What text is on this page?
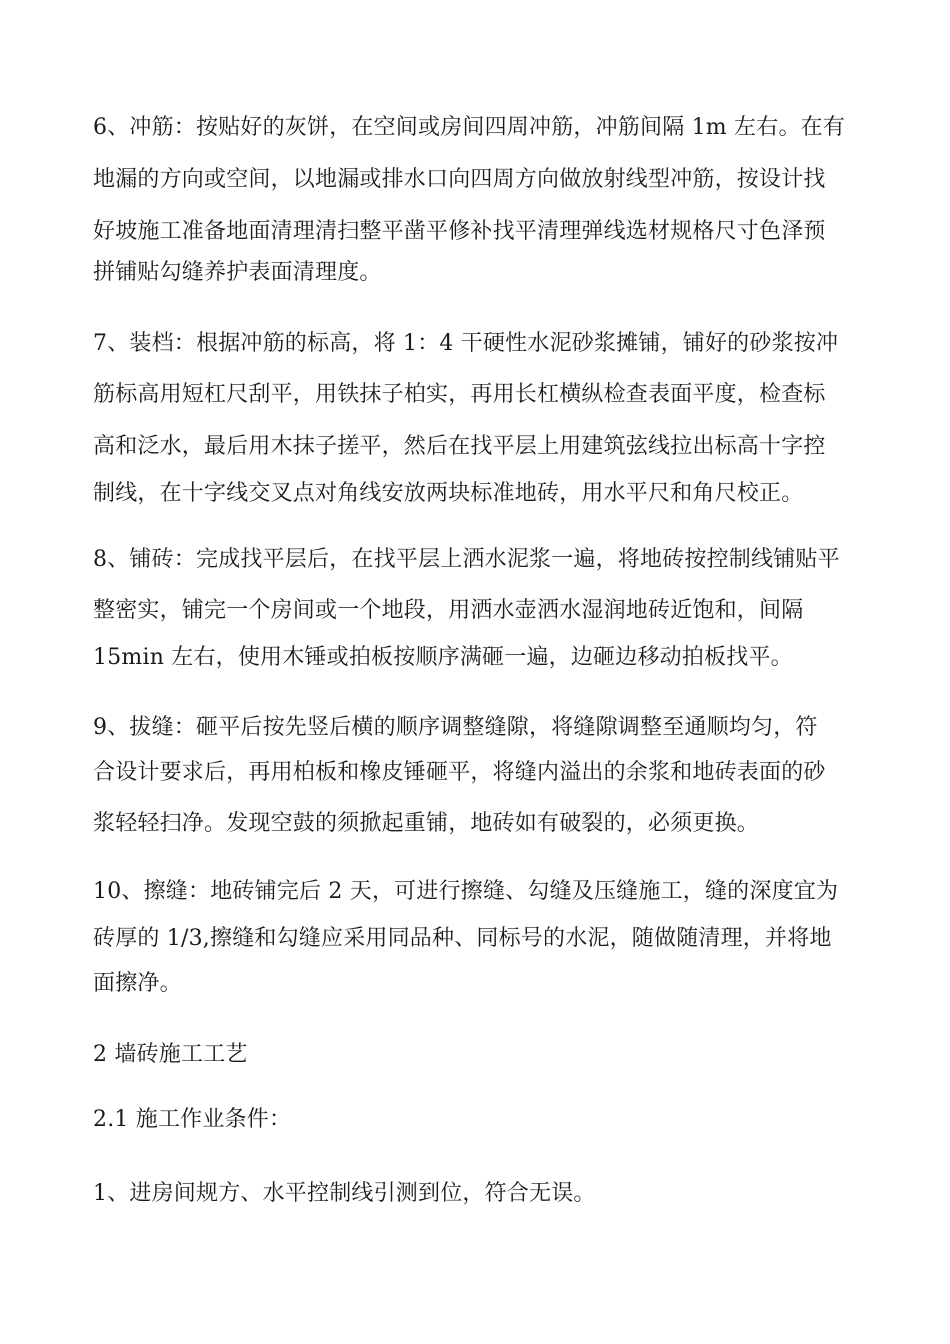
6、冲筋：按贴好的灰饼，在空间或房间四周冲筋，冲筋间隔 1m 左右。在有
地漏的方向或空间，以地漏或排水口向四周方向做放射线型冲筋，按设计找
好坡施工准备地面清理清扫整平凿平修补找平清理弹线选材规格尺寸色泽预
拼铺贴勾缝养护表面清理度。
7、装档：根据冲筋的标高，将 1：4 干硬性水泥砂浆摊铺，铺好的砂浆按冲
筋标高用短杠尺刮平，用铁抹子柏实，再用长杠横纵检查表面平度，检查标
高和泛水，最后用木抹子搓平，然后在找平层上用建筑弦线拉出标高十字控
制线，在十字线交叉点对角线安放两块标准地砖，用水平尺和角尺校正。
8、铺砖：完成找平层后，在找平层上洒水泥浆一遍，将地砖按控制线铺贴平
整密实，铺完一个房间或一个地段，用洒水壶洒水湿润地砖近饱和，间隔
15min 左右，使用木锤或拍板按顺序满砸一遍，边砸边移动拍板找平。
9、拔缝：砸平后按先竖后横的顺序调整缝隙，将缝隙调整至通顺均匀，符
合设计要求后，再用柏板和橡皮锤砸平，将缝内溢出的余浆和地砖表面的砂
浆轻轻扫净。发现空鼓的须掀起重铺，地砖如有破裂的，必须更换。
10、擦缝：地砖铺完后 2 天，可进行擦缝、勾缝及压缝施工，缝的深度宜为
砖厚的 1/3,擦缝和勾缝应采用同品种、同标号的水泥，随做随清理，并将地
面擦净。
2 墙砖施工工艺
2.1 施工作业条件：
1、进房间规方、水平控制线引测到位，符合无误。
